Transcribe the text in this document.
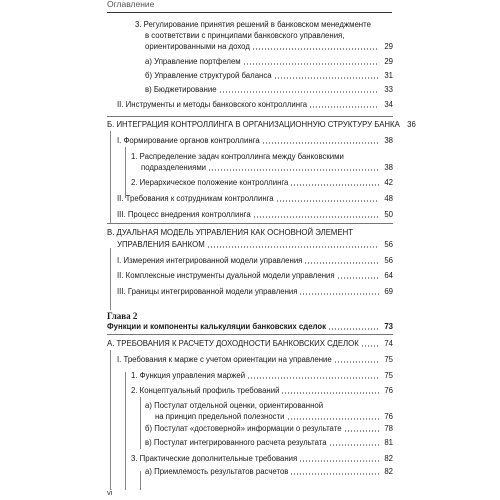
Оглавление
3. Регулирование принятия решений в банковском менеджменте
в соответствии с принципами банковского управления,
ориентированными на доход	29
а) Управление портфелем	29
б) Управление структурой баланса	31
в) Бюджетирование	33
II. Инструменты и методы банковского контроллинга	34
Б. ИНТЕГРАЦИЯ КОНТРОЛЛИНГА В ОРГАНИЗАЦИОННУЮ СТРУКТУРУ БАНКА 36
I. Формирование органов контроллинга	38
1. Распределение задач контроллинга между банковскими
подразделениями	38
2. Иерархическое положение контроллинга	42
II. Требования к сотрудникам контроллинга	48
III. Процесс внедрения контроллинга	50
В. ДУАЛЬНАЯ МОДЕЛЬ УПРАВЛЕНИЯ КАК ОСНОВНОЙ ЭЛЕМЕНТ
УПРАВЛЕНИЯ БАНКОМ	56
I. Измерения интегрированной модели управления	56
II. Комплексные инструменты дуальной модели управления	64
III. Границы интегрированной модели управления	69
Глава 2
Функции и компоненты калькуляции банковских сделок	73
А. ТРЕБОВАНИЯ К РАСЧЕТУ ДОХОДНОСТИ БАНКОВСКИХ СДЕЛОК	74
I. Требования к марже с учетом ориентации на управление	75
1. Функция управления маржей	75
2. Концептуальный профиль требований	76
а) Постулат отдельной оценки, ориентированной
на принцип предельной полезности	76
б) Постулат «достоверной» информации о результате	78
в) Постулат интегрированного расчета результата	81
3. Практические дополнительные требования	82
а) Приемлемость результатов расчетов	82
vi
